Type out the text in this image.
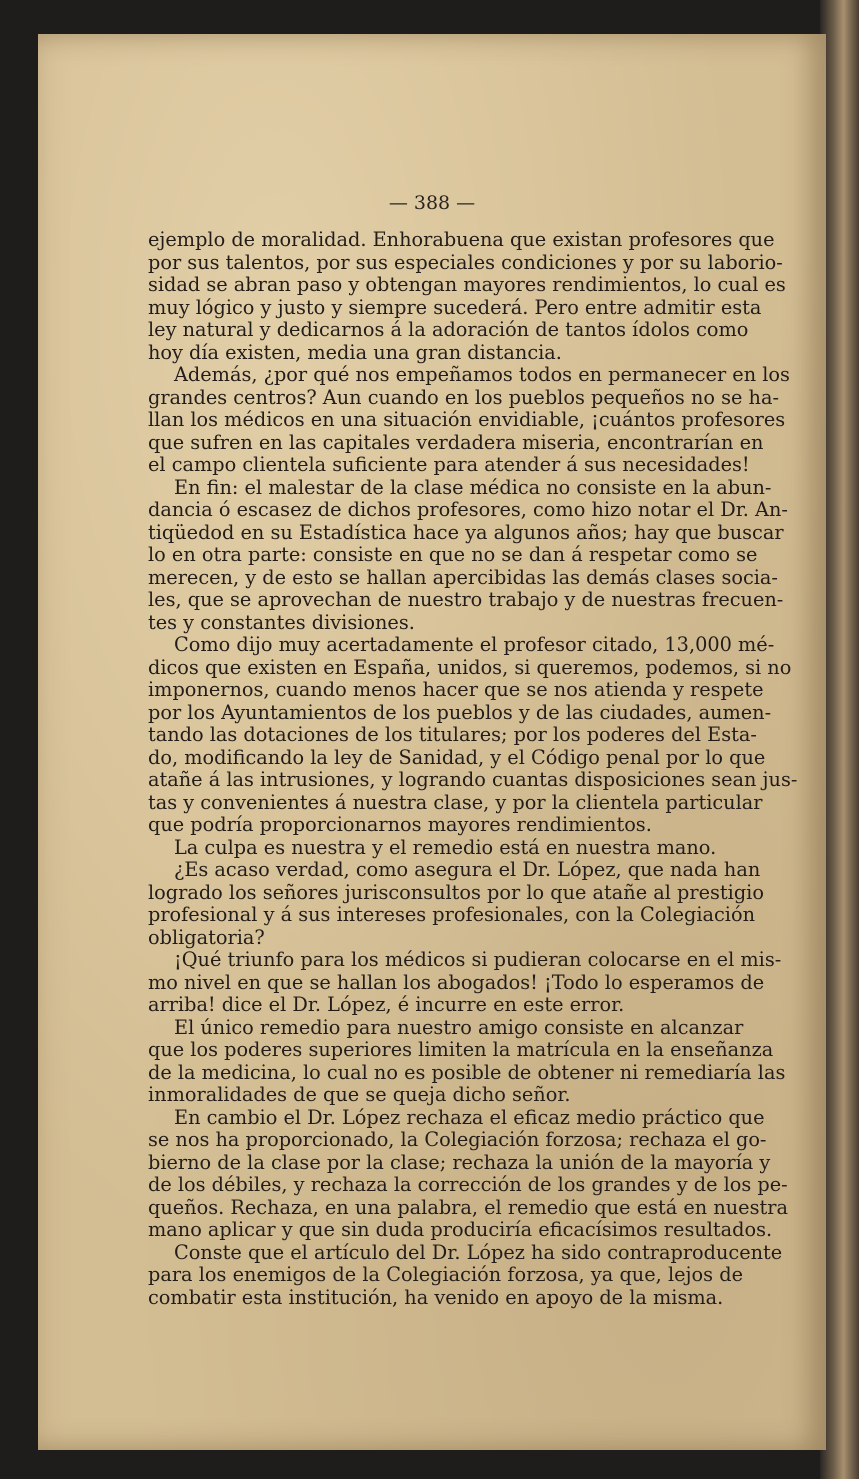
— 388 —
ejemplo de moralidad. Enhorabuena que existan profesores que
por sus talentos, por sus especiales condiciones y por su laborio-
sidad se abran paso y obtengan mayores rendimientos, lo cual es
muy lógico y justo y siempre sucederá. Pero entre admitir esta
ley natural y dedicarnos á la adoración de tantos ídolos como
hoy día existen, media una gran distancia.
Además, ¿por qué nos empeñamos todos en permanecer en los
grandes centros? Aun cuando en los pueblos pequeños no se ha-
llan los médicos en una situación envidiable, ¡cuántos profesores
que sufren en las capitales verdadera miseria, encontrarían en
el campo clientela suficiente para atender á sus necesidades!
En fin: el malestar de la clase médica no consiste en la abun-
dancia ó escasez de dichos profesores, como hizo notar el Dr. An-
tiqüedod en su Estadística hace ya algunos años; hay que buscar
lo en otra parte: consiste en que no se dan á respetar como se
merecen, y de esto se hallan apercibidas las demás clases socia-
les, que se aprovechan de nuestro trabajo y de nuestras frecuen-
tes y constantes divisiones.
Como dijo muy acertadamente el profesor citado, 13,000 mé-
dicos que existen en España, unidos, si queremos, podemos, si no
imponernos, cuando menos hacer que se nos atienda y respete
por los Ayuntamientos de los pueblos y de las ciudades, aumen-
tando las dotaciones de los titulares; por los poderes del Esta-
do, modificando la ley de Sanidad, y el Código penal por lo que
atañe á las intrusiones, y logrando cuantas disposiciones sean jus-
tas y convenientes á nuestra clase, y por la clientela particular
que podría proporcionarnos mayores rendimientos.
La culpa es nuestra y el remedio está en nuestra mano.
¿Es acaso verdad, como asegura el Dr. López, que nada han
logrado los señores jurisconsultos por lo que atañe al prestigio
profesional y á sus intereses profesionales, con la Colegiación
obligatoria?
¡Qué triunfo para los médicos si pudieran colocarse en el mis-
mo nivel en que se hallan los abogados! ¡Todo lo esperamos de
arriba! dice el Dr. López, é incurre en este error.
El único remedio para nuestro amigo consiste en alcanzar
que los poderes superiores limiten la matrícula en la enseñanza
de la medicina, lo cual no es posible de obtener ni remediaría las
inmoralidades de que se queja dicho señor.
En cambio el Dr. López rechaza el eficaz medio práctico que
se nos ha proporcionado, la Colegiación forzosa; rechaza el go-
bierno de la clase por la clase; rechaza la unión de la mayoría y
de los débiles, y rechaza la corrección de los grandes y de los pe-
queños. Rechaza, en una palabra, el remedio que está en nuestra
mano aplicar y que sin duda produciría eficacísimos resultados.
Conste que el artículo del Dr. López ha sido contraproducente
para los enemigos de la Colegiación forzosa, ya que, lejos de
combatir esta institución, ha venido en apoyo de la misma.
